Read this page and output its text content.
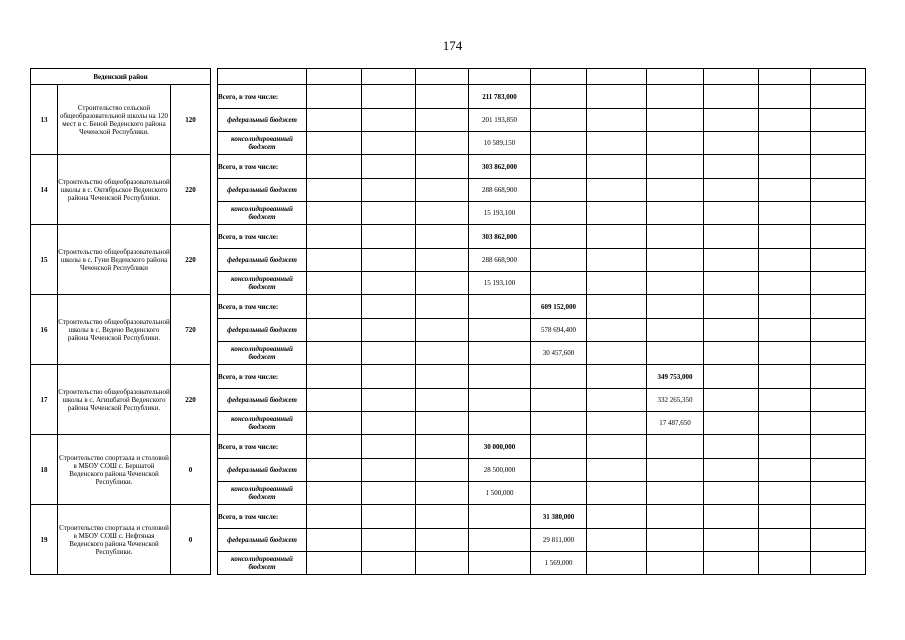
174
Веденский район														
13	Строительство сельской общеобразовательной школы на 120 мест в с. Беной Веденского района Чеченской Республики.	120		Всего, в том числе:				211 783,000						
				федеральный бюджет				201 193,850						
				консолидированный бюджет				10 589,150						
14	Строительство общеобразовательной школы в с. Октябрьское Веденского района Чеченской Республики.	220		Всего, в том числе:				303 862,000						
				федеральный бюджет				288 668,900						
				консолидированный бюджет				15 193,100						
15	Строительство общеобразовательной школы в с. Гуни Веденского района Чеченской Республики	220		Всего, в том числе:				303 862,000						
				федеральный бюджет				288 668,900						
				консолидированный бюджет				15 193,100						
16	Строительство общеобразовательной школы в с. Ведено Веденского района Чеченской Республики.	720		Всего, в том числе:					609 152,000					
				федеральный бюджет					578 694,400					
				консолидированный бюджет					30 457,600					
17	Строительство общеобразовательной школы в с. Агишбатой Веденского района Чеченской Республики.	220		Всего, в том числе:							349 753,000			
				федеральный бюджет							332 265,350			
				консолидированный бюджет							17 487,650			
18	Строительство спортзала и столовой в МБОУ СОШ с. Бершатой Веденского района Чеченской Республики.	0		Всего, в том числе:				30 000,000						
				федеральный бюджет				28 500,000						
				консолидированный бюджет				1 500,000						
19	Строительство спортзала и столовой в МБОУ СОШ с. Нефтяная Веденского района Чеченской Республики.	0		Всего, в том числе:					31 380,000					
				федеральный бюджет					29 811,000					
				консолидированный бюджет					1 569,000					
